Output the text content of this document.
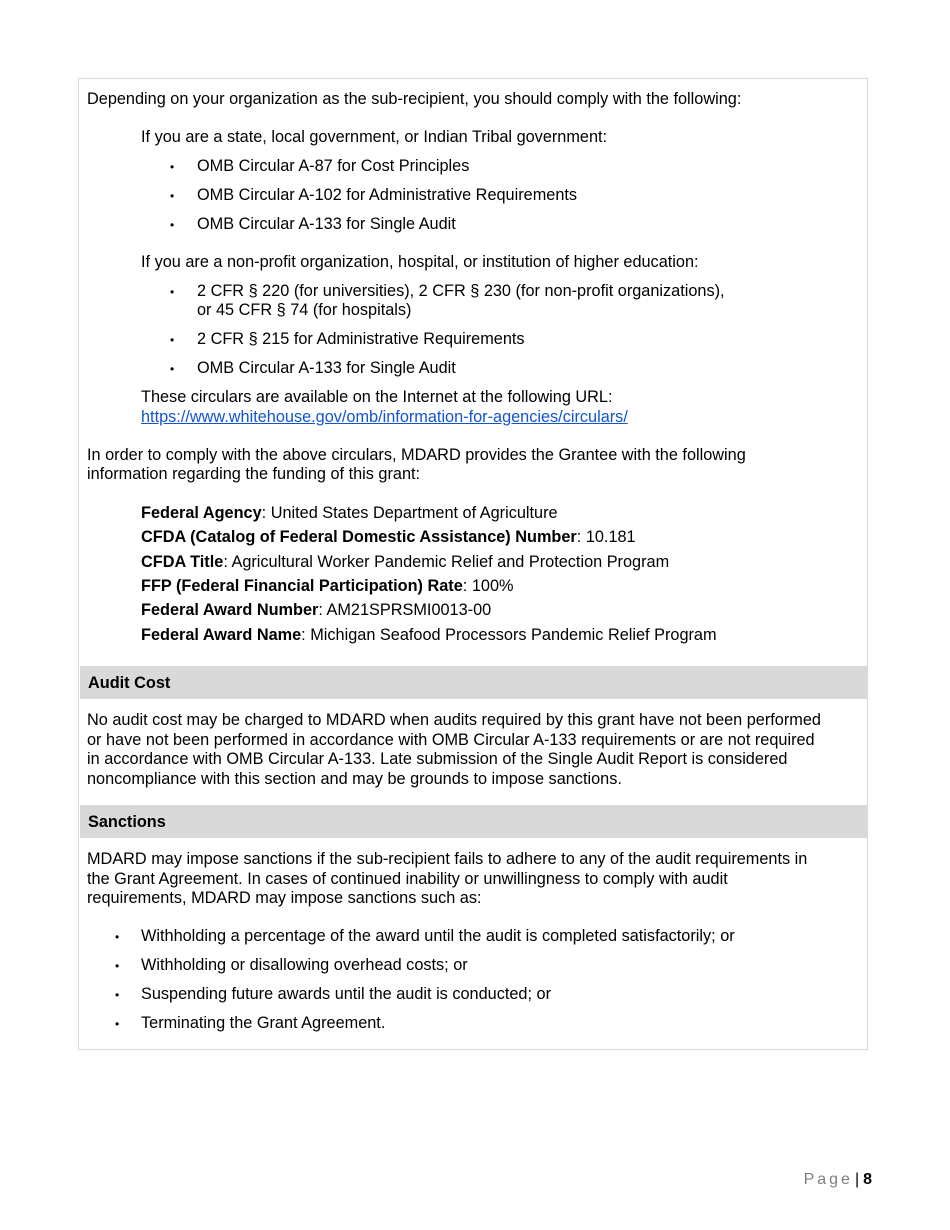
Depending on your organization as the sub-recipient, you should comply with the following:
If you are a state, local government, or Indian Tribal government:
• OMB Circular A-87 for Cost Principles
• OMB Circular A-102 for Administrative Requirements
• OMB Circular A-133 for Single Audit
If you are a non-profit organization, hospital, or institution of higher education:
• 2 CFR § 220 (for universities), 2 CFR § 230 (for non-profit organizations),
or 45 CFR § 74 (for hospitals)
• 2 CFR § 215 for Administrative Requirements
• OMB Circular A-133 for Single Audit
These circulars are available on the Internet at the following URL:
https://www.whitehouse.gov/omb/information-for-agencies/circulars/
In order to comply with the above circulars, MDARD provides the Grantee with the following
information regarding the funding of this grant:
Federal Agency: United States Department of Agriculture
CFDA (Catalog of Federal Domestic Assistance) Number: 10.181
CFDA Title: Agricultural Worker Pandemic Relief and Protection Program
FFP (Federal Financial Participation) Rate: 100%
Federal Award Number: AM21SPRSMI0013-00
Federal Award Name: Michigan Seafood Processors Pandemic Relief Program
Audit Cost
No audit cost may be charged to MDARD when audits required by this grant have not been performed
or have not been performed in accordance with OMB Circular A-133 requirements or are not required
in accordance with OMB Circular A-133. Late submission of the Single Audit Report is considered
noncompliance with this section and may be grounds to impose sanctions.
Sanctions
MDARD may impose sanctions if the sub-recipient fails to adhere to any of the audit requirements in
the Grant Agreement. In cases of continued inability or unwillingness to comply with audit
requirements, MDARD may impose sanctions such as:
• Withholding a percentage of the award until the audit is completed satisfactorily; or
• Withholding or disallowing overhead costs; or
• Suspending future awards until the audit is conducted; or
• Terminating the Grant Agreement.
Page | 8
